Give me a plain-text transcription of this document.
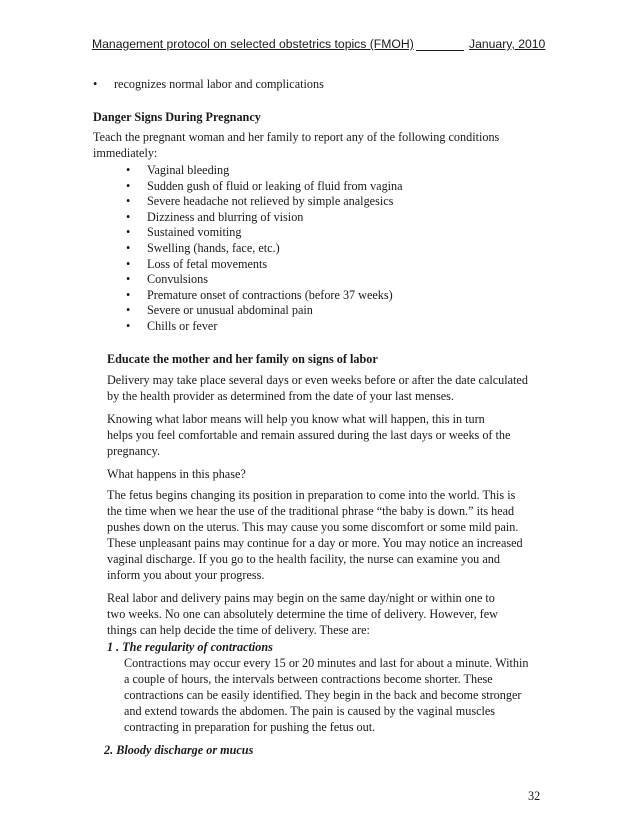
Management protocol on selected obstetrics topics (FMOH)	January, 2010
• recognizes normal labor and complications
Danger Signs During Pregnancy
Teach the pregnant woman and her family to report any of the following conditions
immediately:
• Vaginal bleeding
• Sudden gush of fluid or leaking of fluid from vagina
• Severe headache not relieved by simple analgesics
• Dizziness and blurring of vision
• Sustained vomiting
• Swelling (hands, face, etc.)
• Loss of fetal movements
• Convulsions
• Premature onset of contractions (before 37 weeks)
• Severe or unusual abdominal pain
• Chills or fever
Educate the mother and her family on signs of labor
Delivery may take place several days or even weeks before or after the date calculated
by the health provider as determined from the date of your last menses.
Knowing what labor means will help you know what will happen, this in turn
helps you feel comfortable and remain assured during the last days or weeks of the
pregnancy.
What happens in this phase?
The fetus begins changing its position in preparation to come into the world. This is
the time when we hear the use of the traditional phrase “the baby is down.” its head
pushes down on the uterus. This may cause you some discomfort or some mild pain.
These unpleasant pains may continue for a day or more. You may notice an increased
vaginal discharge. If you go to the health facility, the nurse can examine you and
inform you about your progress.
Real labor and delivery pains may begin on the same day/night or within one to
two weeks. No one can absolutely determine the time of delivery. However, few
things can help decide the time of delivery. These are:
1 . The regularity of contractions
Contractions may occur every 15 or 20 minutes and last for about a minute. Within
a couple of hours, the intervals between contractions become shorter. These
contractions can be easily identified. They begin in the back and become stronger
and extend towards the abdomen. The pain is caused by the vaginal muscles
contracting in preparation for pushing the fetus out.
2. Bloody discharge or mucus
32
